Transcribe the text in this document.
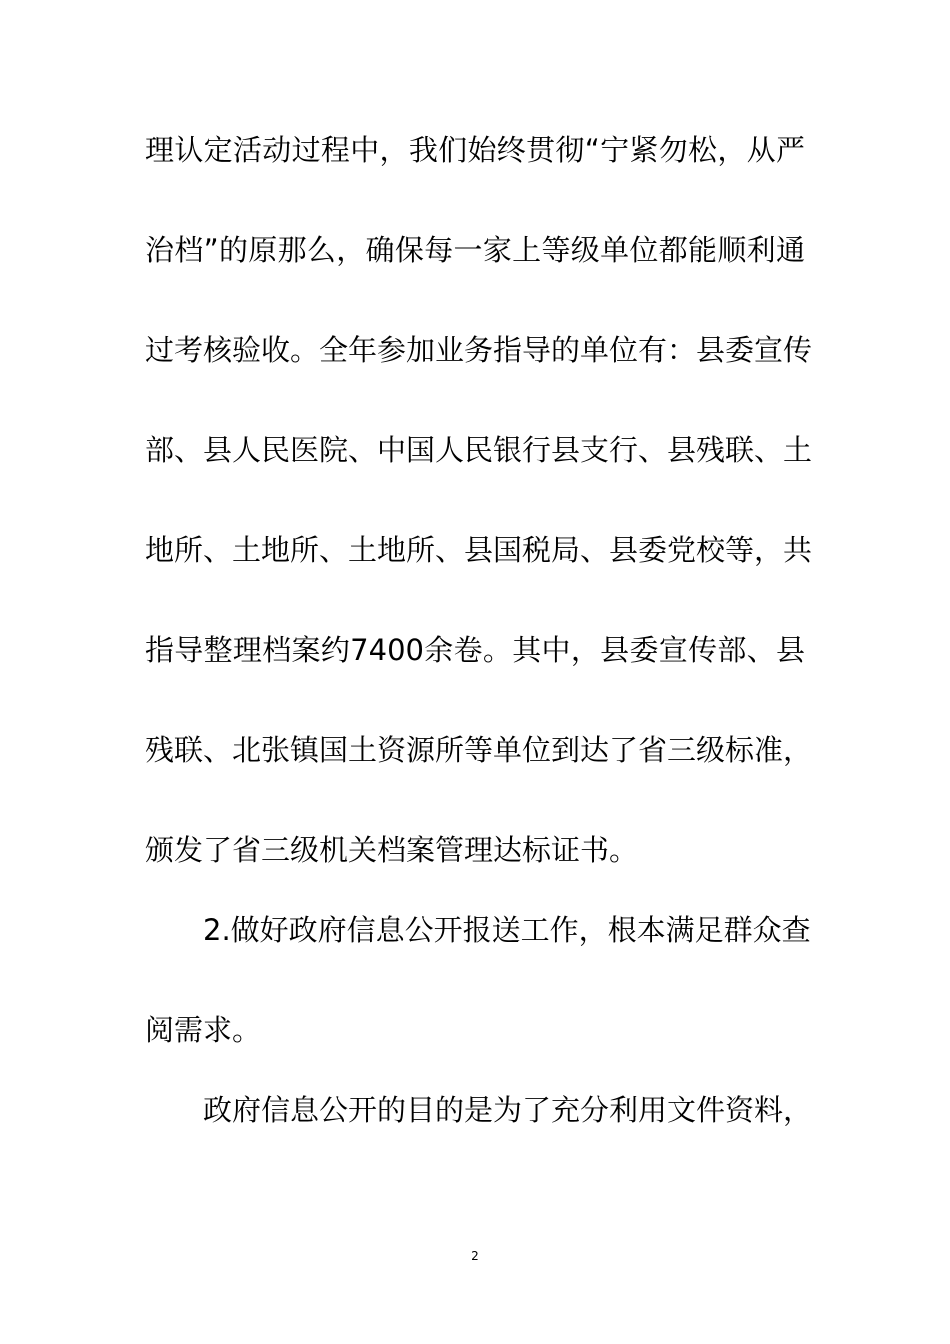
理认定活动过程中，我们始终贯彻“宁紧勿松，从严
治档”的原那么，确保每一家上等级单位都能顺利通
过考核验收。全年参加业务指导的单位有：县委宣传
部、县人民医院、中国人民银行县支行、县残联、土
地所、土地所、土地所、县国税局、县委党校等，共
指导整理档案约7400余卷。其中，县委宣传部、县
残联、北张镇国土资源所等单位到达了省三级标准，
颁发了省三级机关档案管理达标证书。
2.做好政府信息公开报送工作，根本满足群众查
阅需求。
政府信息公开的目的是为了充分利用文件资料，
2
